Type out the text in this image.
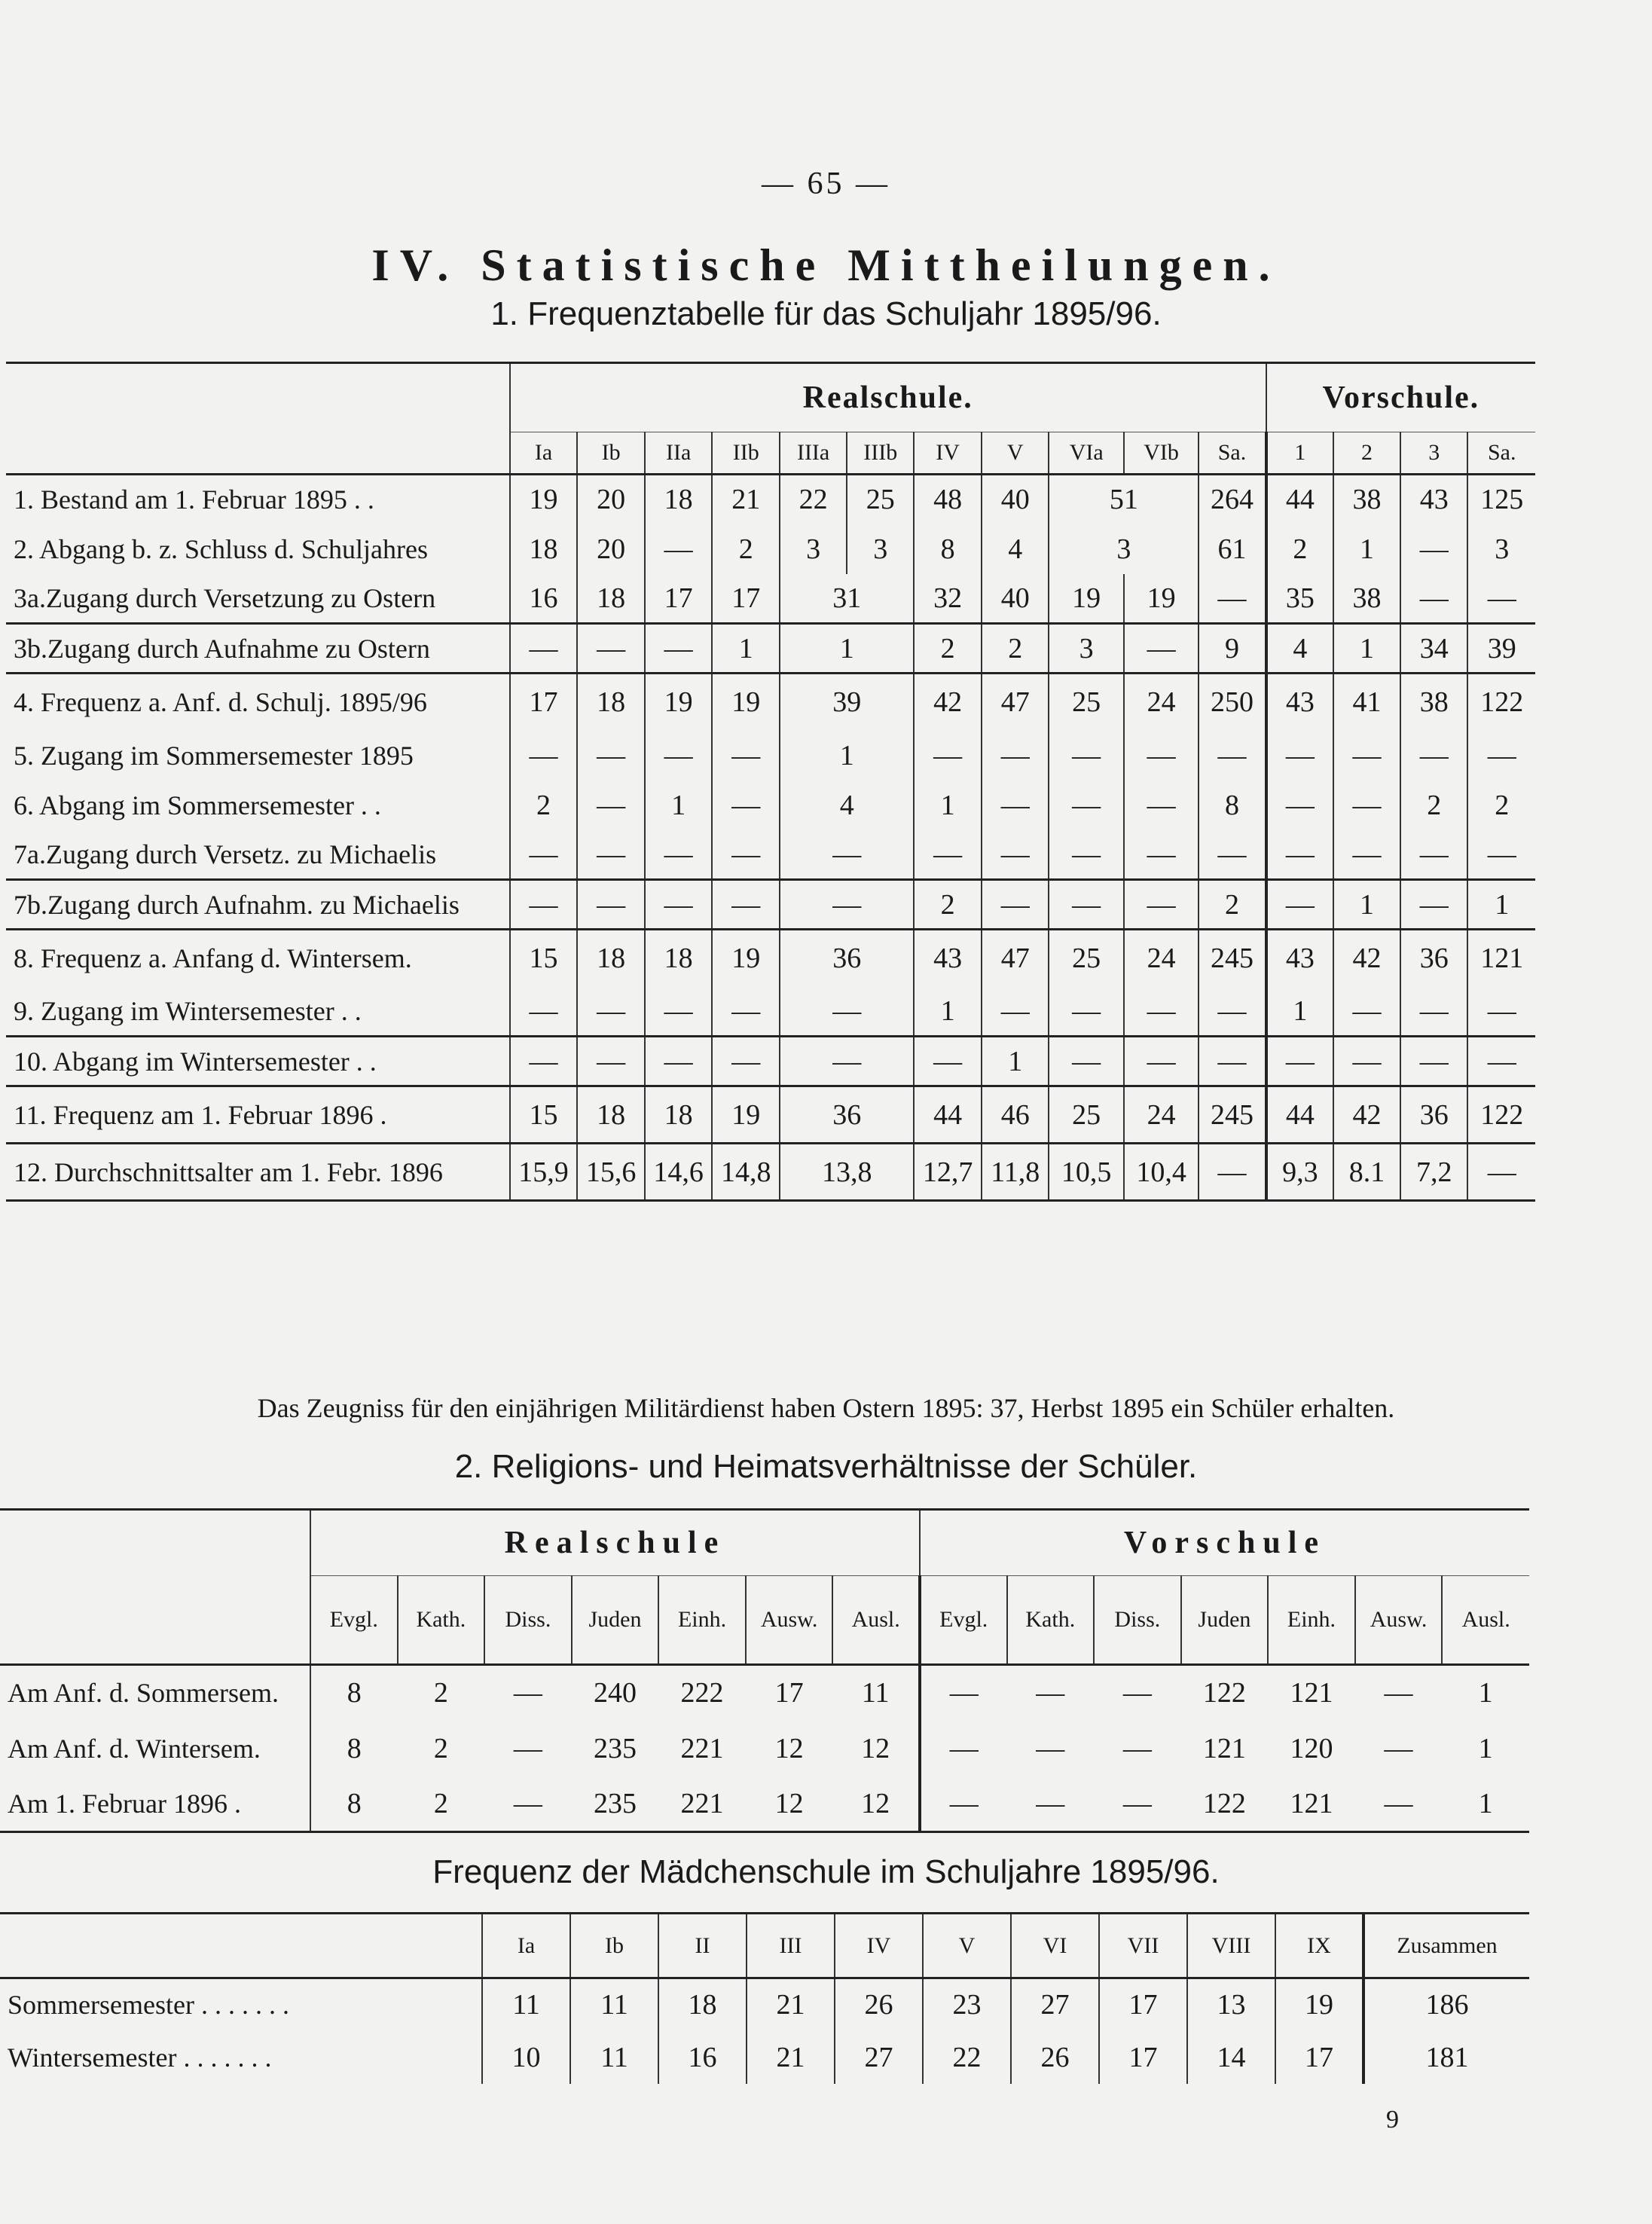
— 65 —
IV. Statistische Mittheilungen.
1. Frequenztabelle für das Schuljahr 1895/96.
	Realschule.											Vorschule.			
	Ia	Ib	IIa	IIb	IIIa	IIIb	IV	V	VIa	VIb	Sa.	1	2	3	Sa.
1. Bestand am 1. Februar 1895 . .	19	20	18	21	22	25	48	40	51		264	44	38	43	125
2. Abgang b. z. Schluss d. Schuljahres	18	20	—	2	3	3	8	4	3		61	2	1	—	3
3a.Zugang durch Versetzung zu Ostern	16	18	17	17	31		32	40	19	19	—	35	38	—	—
3b.Zugang durch Aufnahme zu Ostern	—	—	—	1	1		2	2	3	—	9	4	1	34	39
4. Frequenz a. Anf. d. Schulj. 1895/96	17	18	19	19	39		42	47	25	24	250	43	41	38	122
5. Zugang im Sommersemester 1895	—	—	—	—	1		—	—	—	—	—	—	—	—	—
6. Abgang im Sommersemester . .	2	—	1	—	4		1	—	—	—	8	—	—	2	2
7a.Zugang durch Versetz. zu Michaelis	—	—	—	—	—		—	—	—	—	—	—	—	—	—
7b.Zugang durch Aufnahm. zu Michaelis	—	—	—	—	—		2	—	—	—	2	—	1	—	1
8. Frequenz a. Anfang d. Wintersem.	15	18	18	19	36		43	47	25	24	245	43	42	36	121
9. Zugang im Wintersemester . .	—	—	—	—	—		1	—	—	—	—	1	—	—	—
10. Abgang im Wintersemester . .	—	—	—	—	—		—	1	—	—	—	—	—	—	—
11. Frequenz am 1. Februar 1896 .	15	18	18	19	36		44	46	25	24	245	44	42	36	122
12. Durchschnittsalter am 1. Febr. 1896	15,9	15,6	14,6	14,8	13,8		12,7	11,8	10,5	10,4	—	9,3	8.1	7,2	—
Das Zeugniss für den einjährigen Militärdienst haben Ostern 1895: 37, Herbst 1895 ein Schüler erhalten.
2. Religions- und Heimatsverhältnisse der Schüler.
	Realschule							Vorschule						
	Evgl.	Kath.	Diss.	Juden	Einh.	Ausw.	Ausl.	Evgl.	Kath.	Diss.	Juden	Einh.	Ausw.	Ausl.
Am Anf. d. Sommersem.	8	2	—	240	222	17	11	—	—	—	122	121	—	1
Am Anf. d. Wintersem.	8	2	—	235	221	12	12	—	—	—	121	120	—	1
Am 1. Februar 1896 .	8	2	—	235	221	12	12	—	—	—	122	121	—	1
Frequenz der Mädchenschule im Schuljahre 1895/96.
	Ia	Ib	II	III	IV	V	VI	VII	VIII	IX	Zusammen
Sommersemester . . . . . . .	11	11	18	21	26	23	27	17	13	19	186
Wintersemester . . . . . . .	10	11	16	21	27	22	26	17	14	17	181
9
